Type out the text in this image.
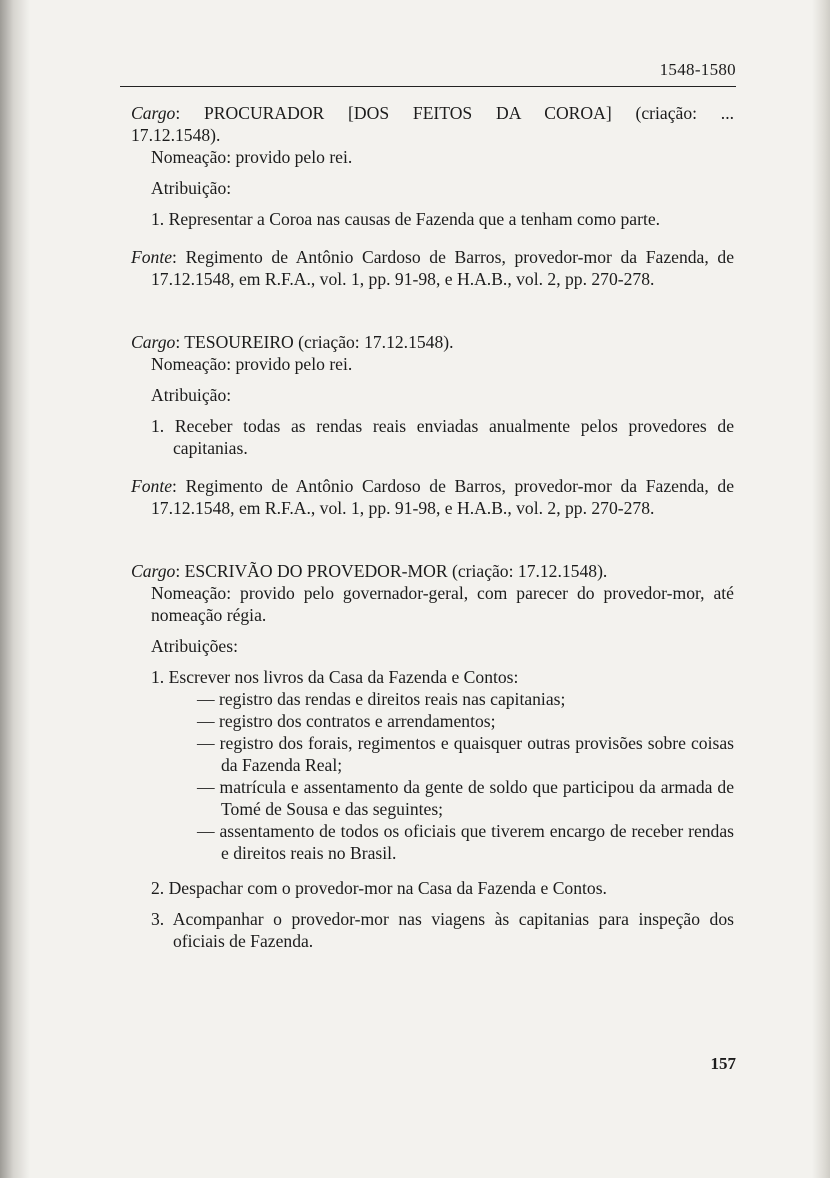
1548-1580

Cargo: PROCURADOR [DOS FEITOS DA COROA] (criação: ...

17.12.1548).

Nomeação: provido pelo rei.

Atribuição:

1. Representar a Coroa nas causas de Fazenda que a tenham como parte.

Fonte: Regimento de Antônio Cardoso de Barros, provedor-mor da Fazenda, de 17.12.1548, em R.F.A., vol. 1, pp. 91-98, e H.A.B., vol. 2, pp. 270-278.

Cargo: TESOUREIRO (criação: 17.12.1548).

Nomeação: provido pelo rei.

Atribuição:

1. Receber todas as rendas reais enviadas anualmente pelos provedores de capitanias.

Fonte: Regimento de Antônio Cardoso de Barros, provedor-mor da Fazenda, de 17.12.1548, em R.F.A., vol. 1, pp. 91-98, e H.A.B., vol. 2, pp. 270-278.

Cargo: ESCRIVÃO DO PROVEDOR-MOR (criação: 17.12.1548).

Nomeação: provido pelo governador-geral, com parecer do provedor-mor, até nomeação régia.

Atribuições:

1. Escrever nos livros da Casa da Fazenda e Contos:

— registro das rendas e direitos reais nas capitanias;

— registro dos contratos e arrendamentos;

— registro dos forais, regimentos e quaisquer outras provisões sobre coisas da Fazenda Real;

— matrícula e assentamento da gente de soldo que participou da armada de Tomé de Sousa e das seguintes;

— assentamento de todos os oficiais que tiverem encargo de receber rendas e direitos reais no Brasil.

2. Despachar com o provedor-mor na Casa da Fazenda e Contos.

3. Acompanhar o provedor-mor nas viagens às capitanias para inspeção dos oficiais de Fazenda.

157
